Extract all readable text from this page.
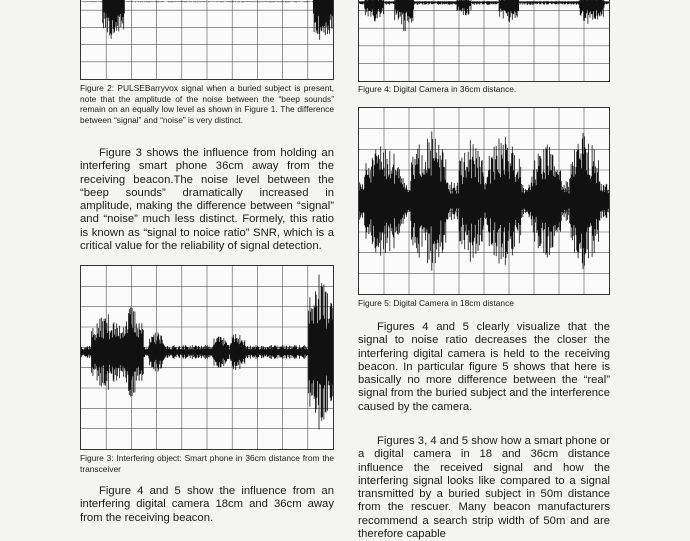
Figure 2: PULSEBarryvox signal when a buried subject is present, note that the amplitude of the noise between the “beep sounds” remain on an equally low level as shown in Figure 1. The difference between “signal” and “noise” is very distinct.

Figure 3 shows the influence from holding an interfering smart phone 36cm away from the receiving beacon.The noise level between the “beep sounds” dramatically increased in amplitude, making the difference between “signal” and “noise” much less distinct. Formely, this ratio is known as “signal to noice ratio” SNR, which is a critical value for the reliability of signal detection.

Figure 3: Interfering object: Smart phone in 36cm distance from the transceiver

Figure 4 and 5 show the influence from an interfering digital camera 18cm and 36cm away from the receiving beacon.

Figure 4: Digital Camera in 36cm distance.

Figure 5: Digital Camera in 18cm distance

Figures 4 and 5 clearly visualize that the signal to noise ratio decreases the closer the interfering digital camera is held to the receiving beacon. In particular figure 5 shows that here is basically no more difference between the “real” signal from the buried subject and the interference caused by the camera.

Figures 3, 4 and 5 show how a smart phone or a digital camera in 18 and 36cm distance influence the received signal and how the interfering signal looks like compared to a signal transmitted by a buried subject in 50m distance from the rescuer. Many beacon manufacturers recommend a search strip width of 50m and are therefore capable
